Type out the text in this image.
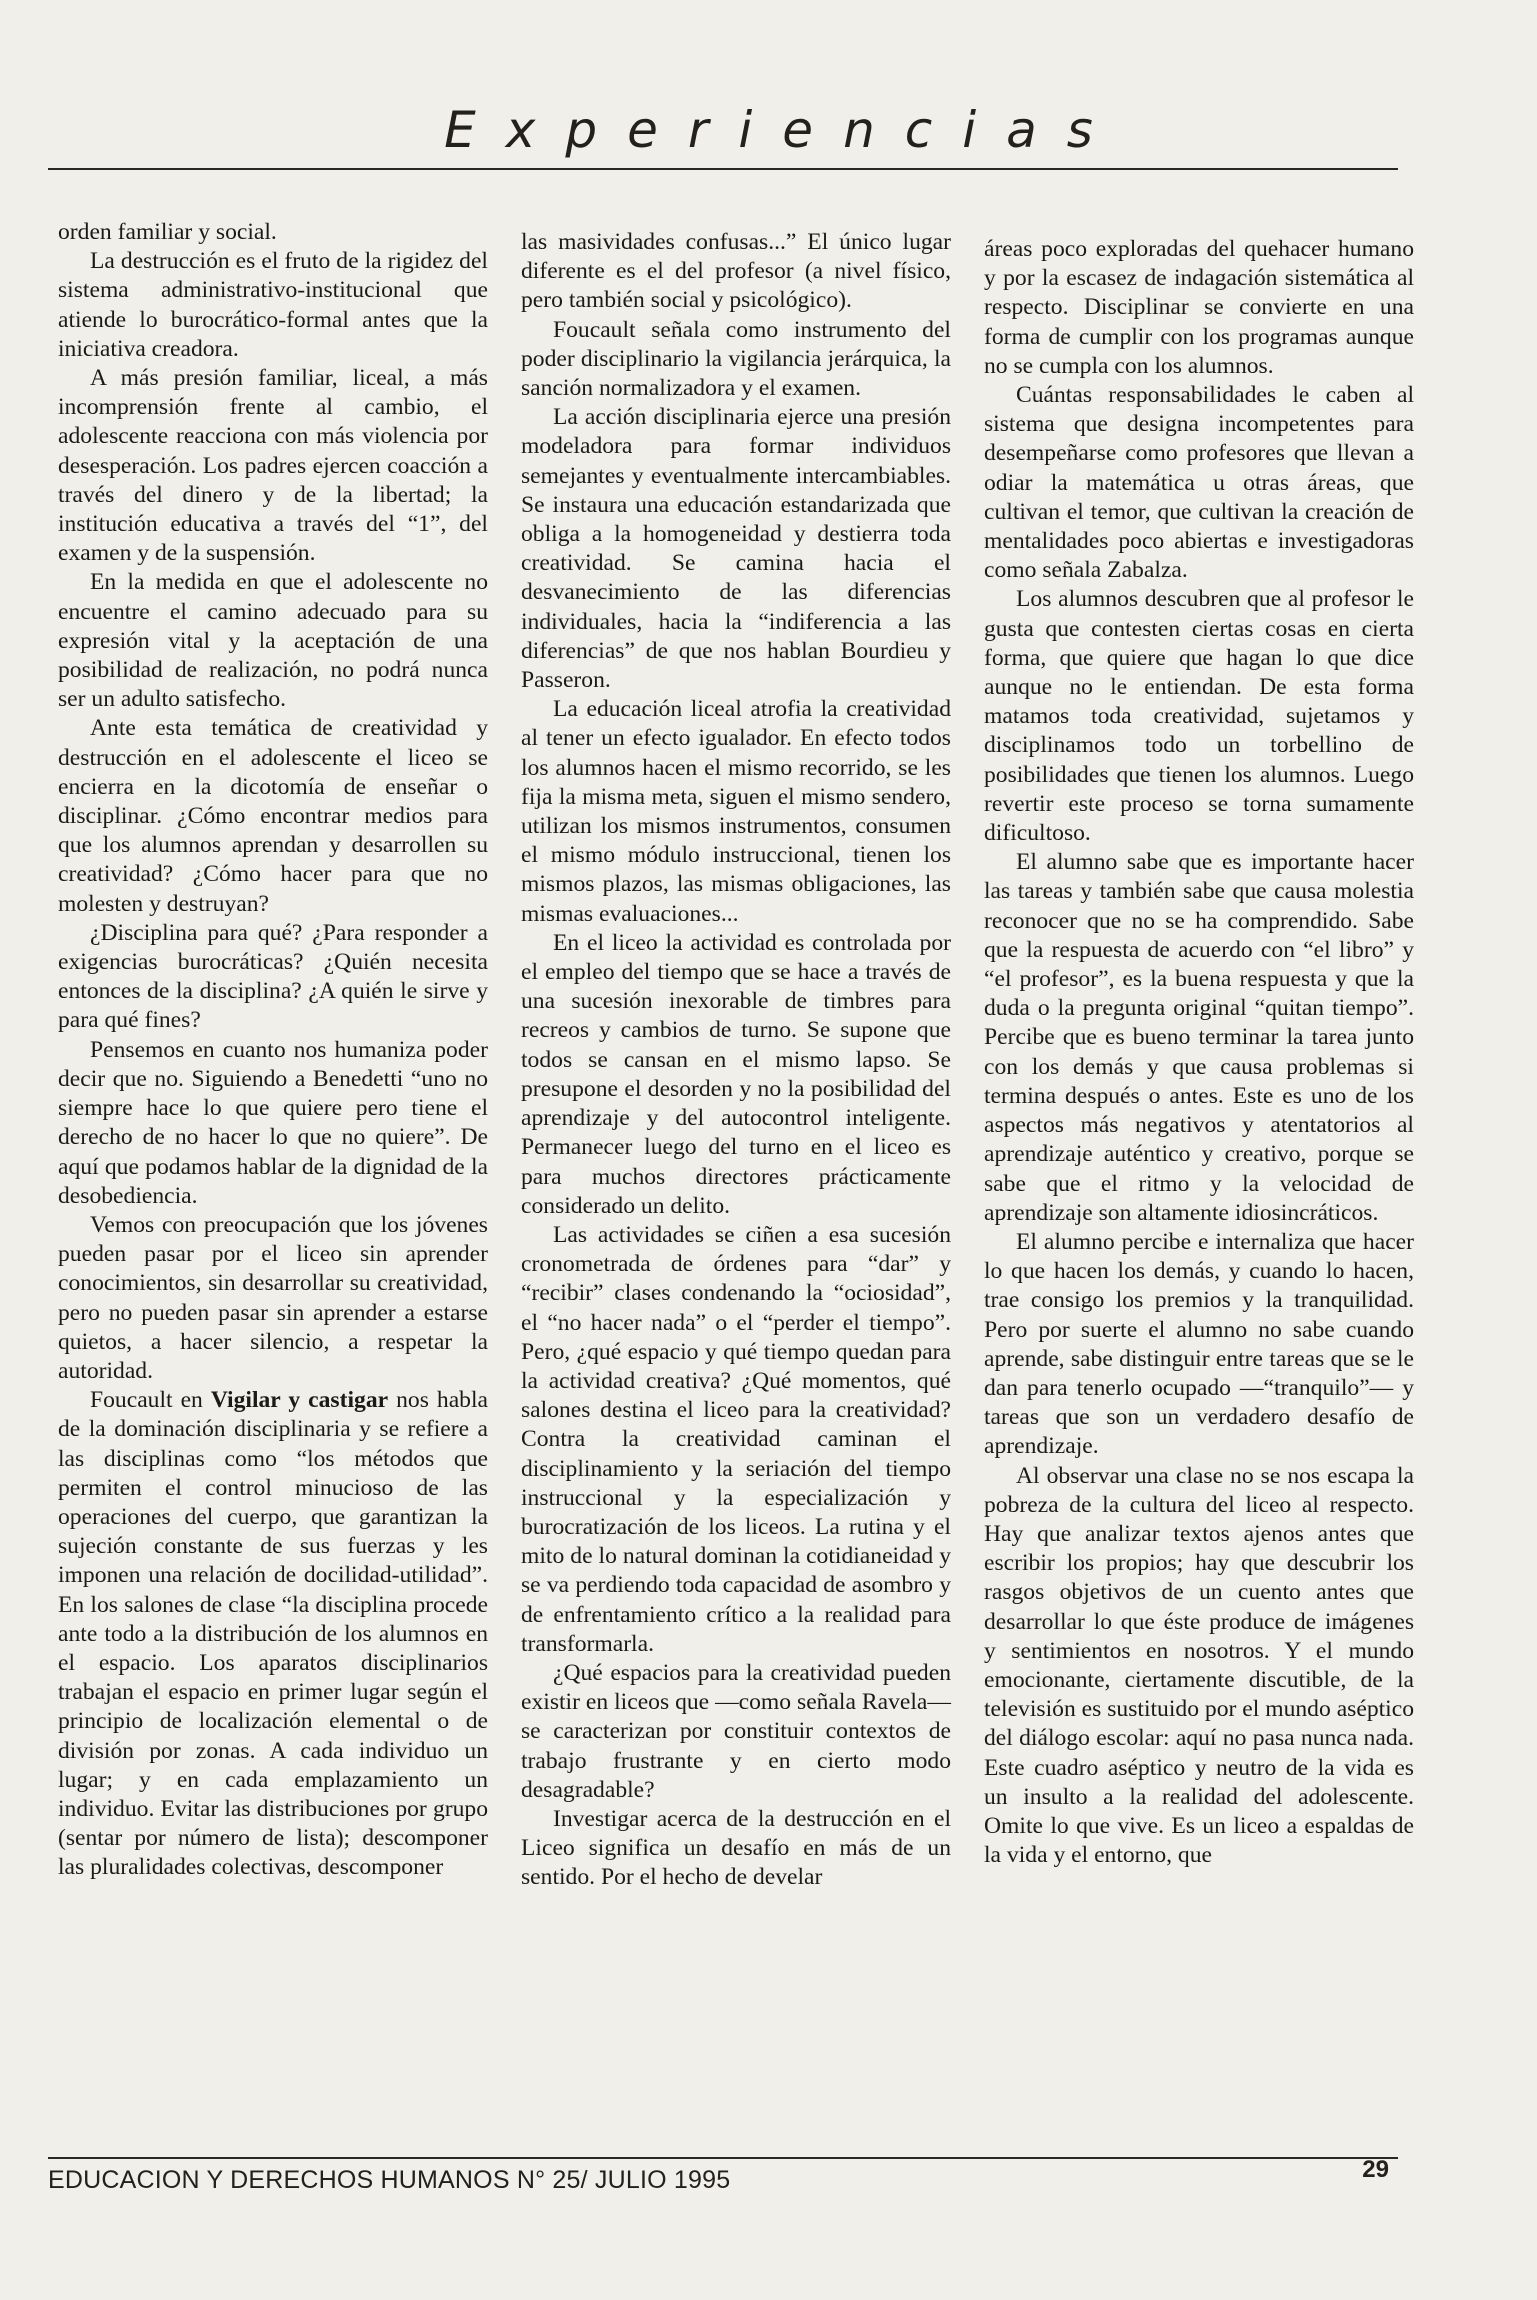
Experiencias

orden familiar y social.

La destrucción es el fruto de la rigidez del sistema administrativo-institucional que atiende lo burocrático-formal antes que la iniciativa creadora.

A más presión familiar, liceal, a más incomprensión frente al cambio, el adolescente reacciona con más violencia por desesperación. Los padres ejercen coacción a través del dinero y de la libertad; la institución educativa a través del “1”, del examen y de la suspensión.

En la medida en que el adolescente no encuentre el camino adecuado para su expresión vital y la aceptación de una posibilidad de realización, no podrá nunca ser un adulto satisfecho.

Ante esta temática de creatividad y destrucción en el adolescente el liceo se encierra en la dicotomía de enseñar o disciplinar. ¿Cómo encontrar medios para que los alumnos aprendan y desarrollen su creatividad? ¿Cómo hacer para que no molesten y destruyan?

¿Disciplina para qué? ¿Para responder a exigencias burocráticas? ¿Quién necesita entonces de la disciplina? ¿A quién le sirve y para qué fines?

Pensemos en cuanto nos humaniza poder decir que no. Siguiendo a Benedetti “uno no siempre hace lo que quiere pero tiene el derecho de no hacer lo que no quiere”. De aquí que podamos hablar de la dignidad de la desobediencia.

Vemos con preocupación que los jóvenes pueden pasar por el liceo sin aprender conocimientos, sin desarrollar su creatividad, pero no pueden pasar sin aprender a estarse quietos, a hacer silencio, a respetar la autoridad.

Foucault en Vigilar y castigar nos habla de la dominación disciplinaria y se refiere a las disciplinas como “los métodos que permiten el control minucioso de las operaciones del cuerpo, que garantizan la sujeción constante de sus fuerzas y les imponen una relación de docilidad-utilidad”. En los salones de clase “la disciplina procede ante todo a la distribución de los alumnos en el espacio. Los aparatos disciplinarios trabajan el espacio en primer lugar según el principio de localización elemental o de división por zonas. A cada individuo un lugar; y en cada emplazamiento un individuo. Evitar las distribuciones por grupo (sentar por número de lista); descomponer las pluralidades colectivas, descomponer

las masividades confusas...” El único lugar diferente es el del profesor (a nivel físico, pero también social y psicológico).

Foucault señala como instrumento del poder disciplinario la vigilancia jerárquica, la sanción normalizadora y el examen.

La acción disciplinaria ejerce una presión modeladora para formar individuos semejantes y eventualmente intercambiables. Se instaura una educación estandarizada que obliga a la homogeneidad y destierra toda creatividad. Se camina hacia el desvanecimiento de las diferencias individuales, hacia la “indiferencia a las diferencias” de que nos hablan Bourdieu y Passeron.

La educación liceal atrofia la creatividad al tener un efecto igualador. En efecto todos los alumnos hacen el mismo recorrido, se les fija la misma meta, siguen el mismo sendero, utilizan los mismos instrumentos, consumen el mismo módulo instruccional, tienen los mismos plazos, las mismas obligaciones, las mismas evaluaciones...

En el liceo la actividad es controlada por el empleo del tiempo que se hace a través de una sucesión inexorable de timbres para recreos y cambios de turno. Se supone que todos se cansan en el mismo lapso. Se presupone el desorden y no la posibilidad del aprendizaje y del autocontrol inteligente. Permanecer luego del turno en el liceo es para muchos directores prácticamente considerado un delito.

Las actividades se ciñen a esa sucesión cronometrada de órdenes para “dar” y “recibir” clases condenando la “ociosidad”, el “no hacer nada” o el “perder el tiempo”. Pero, ¿qué espacio y qué tiempo quedan para la actividad creativa? ¿Qué momentos, qué salones destina el liceo para la creatividad? Contra la creatividad caminan el disciplinamiento y la seriación del tiempo instruccional y la especialización y burocratización de los liceos. La rutina y el mito de lo natural dominan la cotidianeidad y se va perdiendo toda capacidad de asombro y de enfrentamiento crítico a la realidad para transformarla.

¿Qué espacios para la creatividad pueden existir en liceos que —como señala Ravela— se caracterizan por constituir contextos de trabajo frustrante y en cierto modo desagradable?

Investigar acerca de la destrucción en el Liceo significa un desafío en más de un sentido. Por el hecho de develar

áreas poco exploradas del quehacer humano y por la escasez de indagación sistemática al respecto. Disciplinar se convierte en una forma de cumplir con los programas aunque no se cumpla con los alumnos.

Cuántas responsabilidades le caben al sistema que designa incompetentes para desempeñarse como profesores que llevan a odiar la matemática u otras áreas, que cultivan el temor, que cultivan la creación de mentalidades poco abiertas e investigadoras como señala Zabalza.

Los alumnos descubren que al profesor le gusta que contesten ciertas cosas en cierta forma, que quiere que hagan lo que dice aunque no le entiendan. De esta forma matamos toda creatividad, sujetamos y disciplinamos todo un torbellino de posibilidades que tienen los alumnos. Luego revertir este proceso se torna sumamente dificultoso.

El alumno sabe que es importante hacer las tareas y también sabe que causa molestia reconocer que no se ha comprendido. Sabe que la respuesta de acuerdo con “el libro” y “el profesor”, es la buena respuesta y que la duda o la pregunta original “quitan tiempo”. Percibe que es bueno terminar la tarea junto con los demás y que causa problemas si termina después o antes. Este es uno de los aspectos más negativos y atentatorios al aprendizaje auténtico y creativo, porque se sabe que el ritmo y la velocidad de aprendizaje son altamente idiosincráticos.

El alumno percibe e internaliza que hacer lo que hacen los demás, y cuando lo hacen, trae consigo los premios y la tranquilidad. Pero por suerte el alumno no sabe cuando aprende, sabe distinguir entre tareas que se le dan para tenerlo ocupado —“tranquilo”— y tareas que son un verdadero desafío de aprendizaje.

Al observar una clase no se nos escapa la pobreza de la cultura del liceo al respecto. Hay que analizar textos ajenos antes que escribir los propios; hay que descubrir los rasgos objetivos de un cuento antes que desarrollar lo que éste produce de imágenes y sentimientos en nosotros. Y el mundo emocionante, ciertamente discutible, de la televisión es sustituido por el mundo aséptico del diálogo escolar: aquí no pasa nunca nada. Este cuadro aséptico y neutro de la vida es un insulto a la realidad del adolescente. Omite lo que vive. Es un liceo a espaldas de la vida y el entorno, que

EDUCACION Y DERECHOS HUMANOS N° 25/ JULIO 1995	29
